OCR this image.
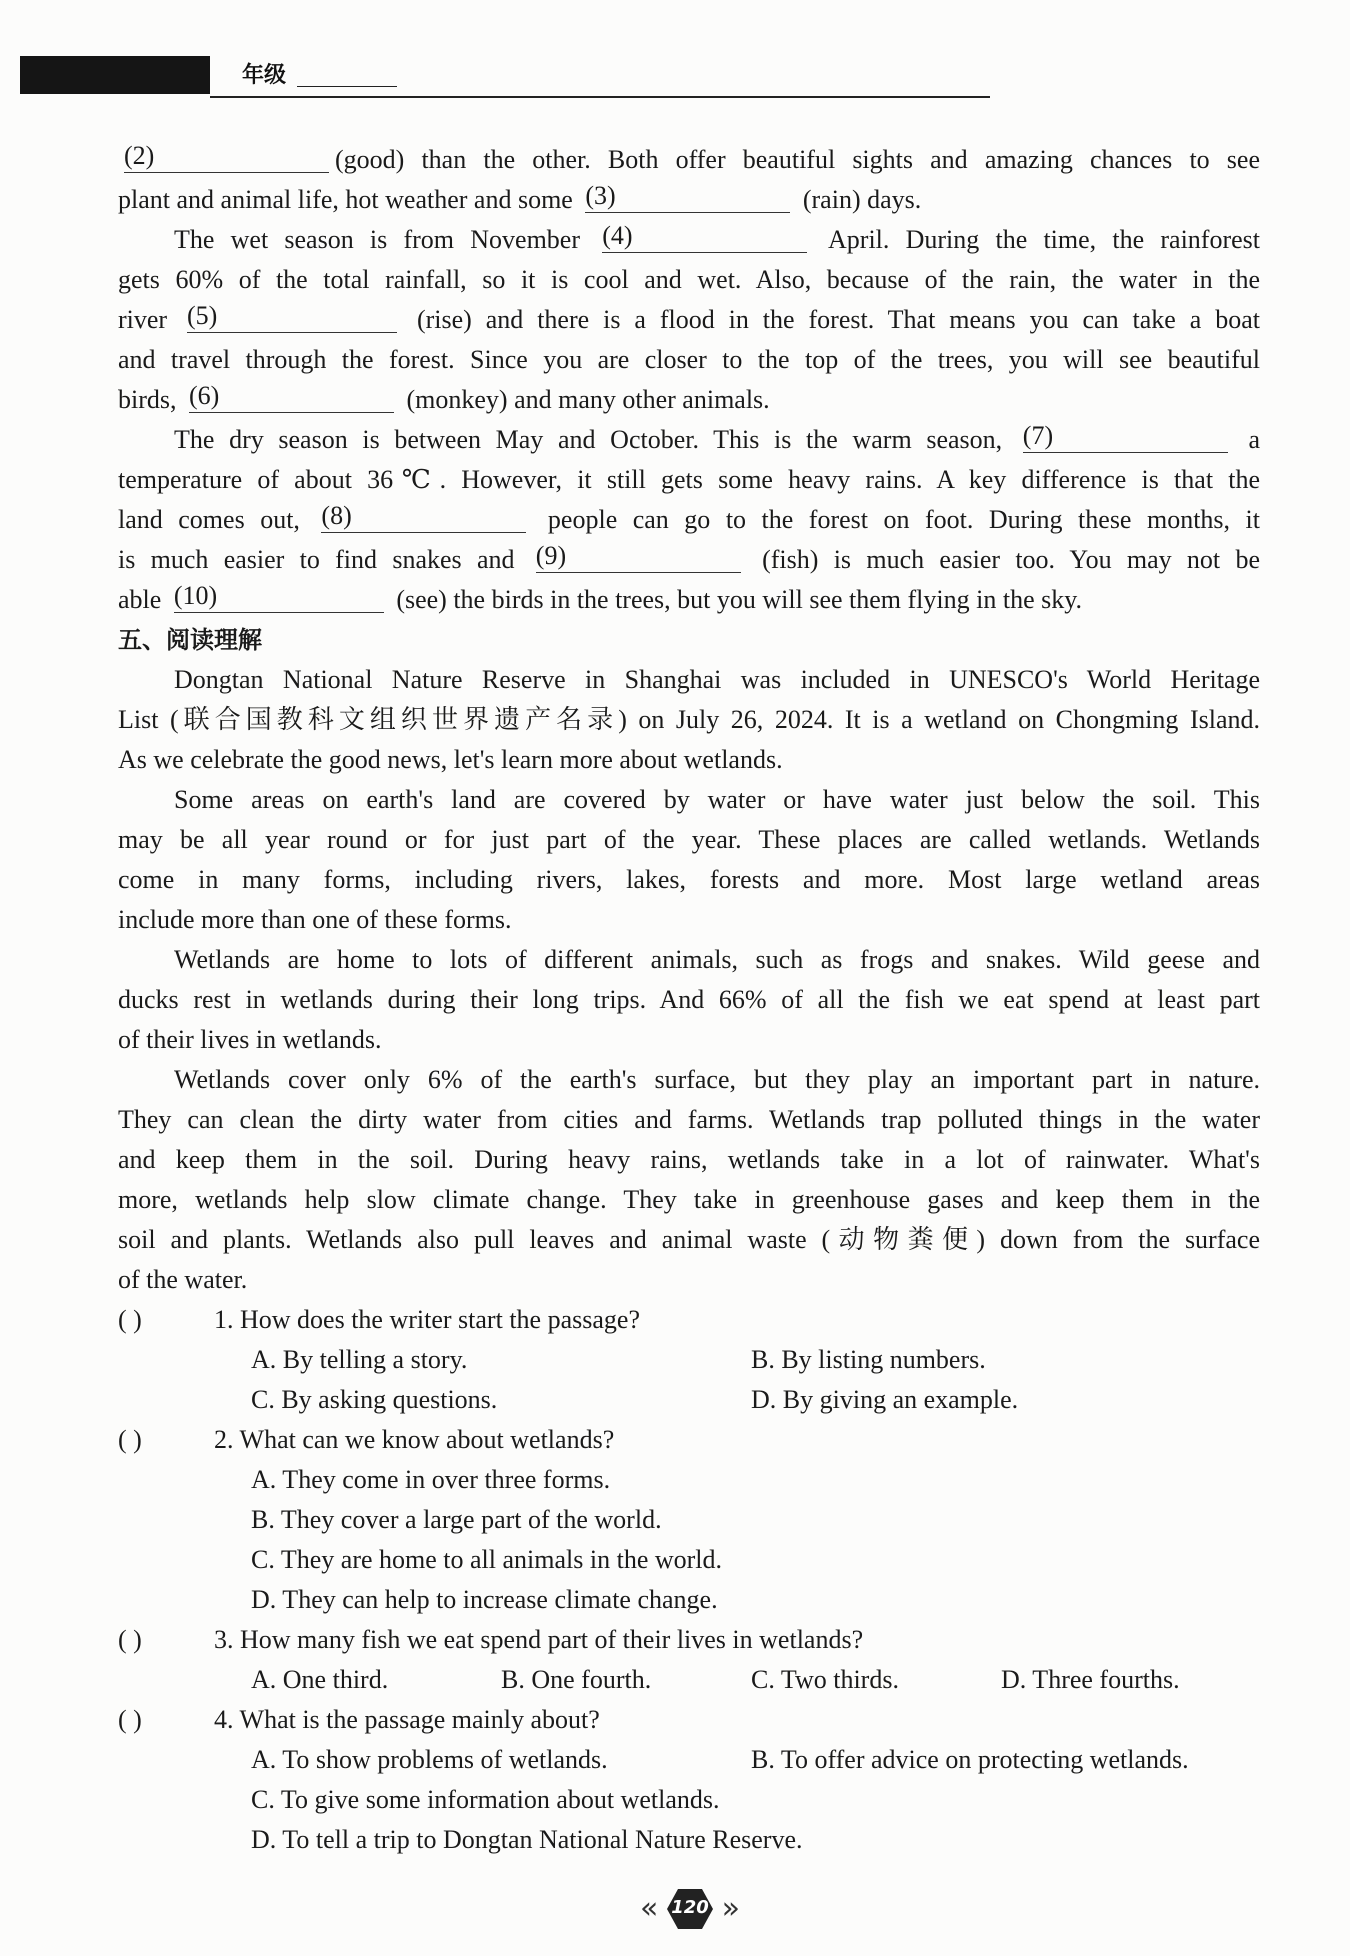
年级
(2)	(good) than the other. Both offer beautiful sights and amazing chances to see
plant and animal life, hot weather and some (3)	(rain) days.
The wet season is from November (4)	April. During the time, the rainforest
gets 60% of the total rainfall, so it is cool and wet. Also, because of the rain, the water in the
river (5)	(rise) and there is a flood in the forest. That means you can take a boat
and travel through the forest. Since you are closer to the top of the trees, you will see beautiful
birds, (6)	(monkey) and many other animals.
The dry season is between May and October. This is the warm season, (7)	a
temperature of about 36℃. However, it still gets some heavy rains. A key difference is that the
land comes out, (8)	people can go to the forest on foot. During these months, it
is much easier to find snakes and (9)	(fish) is much easier too. You may not be
able (10)	(see) the birds in the trees, but you will see them flying in the sky.
五、阅读理解
Dongtan National Nature Reserve in Shanghai was included in UNESCO's World Heritage
List (联合国教科文组织世界遗产名录) on July 26, 2024. It is a wetland on Chongming Island.
As we celebrate the good news, let's learn more about wetlands.
Some areas on earth's land are covered by water or have water just below the soil. This
may be all year round or for just part of the year. These places are called wetlands. Wetlands
come in many forms, including rivers, lakes, forests and more. Most large wetland areas
include more than one of these forms.
Wetlands are home to lots of different animals, such as frogs and snakes. Wild geese and
ducks rest in wetlands during their long trips. And 66% of all the fish we eat spend at least part
of their lives in wetlands.
Wetlands cover only 6% of the earth's surface, but they play an important part in nature.
They can clean the dirty water from cities and farms. Wetlands trap polluted things in the water
and keep them in the soil. During heavy rains, wetlands take in a lot of rainwater. What's
more, wetlands help slow climate change. They take in greenhouse gases and keep them in the
soil and plants. Wetlands also pull leaves and animal waste (动物粪便) down from the surface
of the water.
( )	1. How does the writer start the passage?
A. By telling a story.	B. By listing numbers.
C. By asking questions.	D. By giving an example.
( )	2. What can we know about wetlands?
A. They come in over three forms.
B. They cover a large part of the world.
C. They are home to all animals in the world.
D. They can help to increase climate change.
( )	3. How many fish we eat spend part of their lives in wetlands?
A. One third.	B. One fourth.	C. Two thirds.	D. Three fourths.
( )	4. What is the passage mainly about?
A. To show problems of wetlands.	B. To offer advice on protecting wetlands.
C. To give some information about wetlands.
D. To tell a trip to Dongtan National Nature Reserve.
« 120 »
